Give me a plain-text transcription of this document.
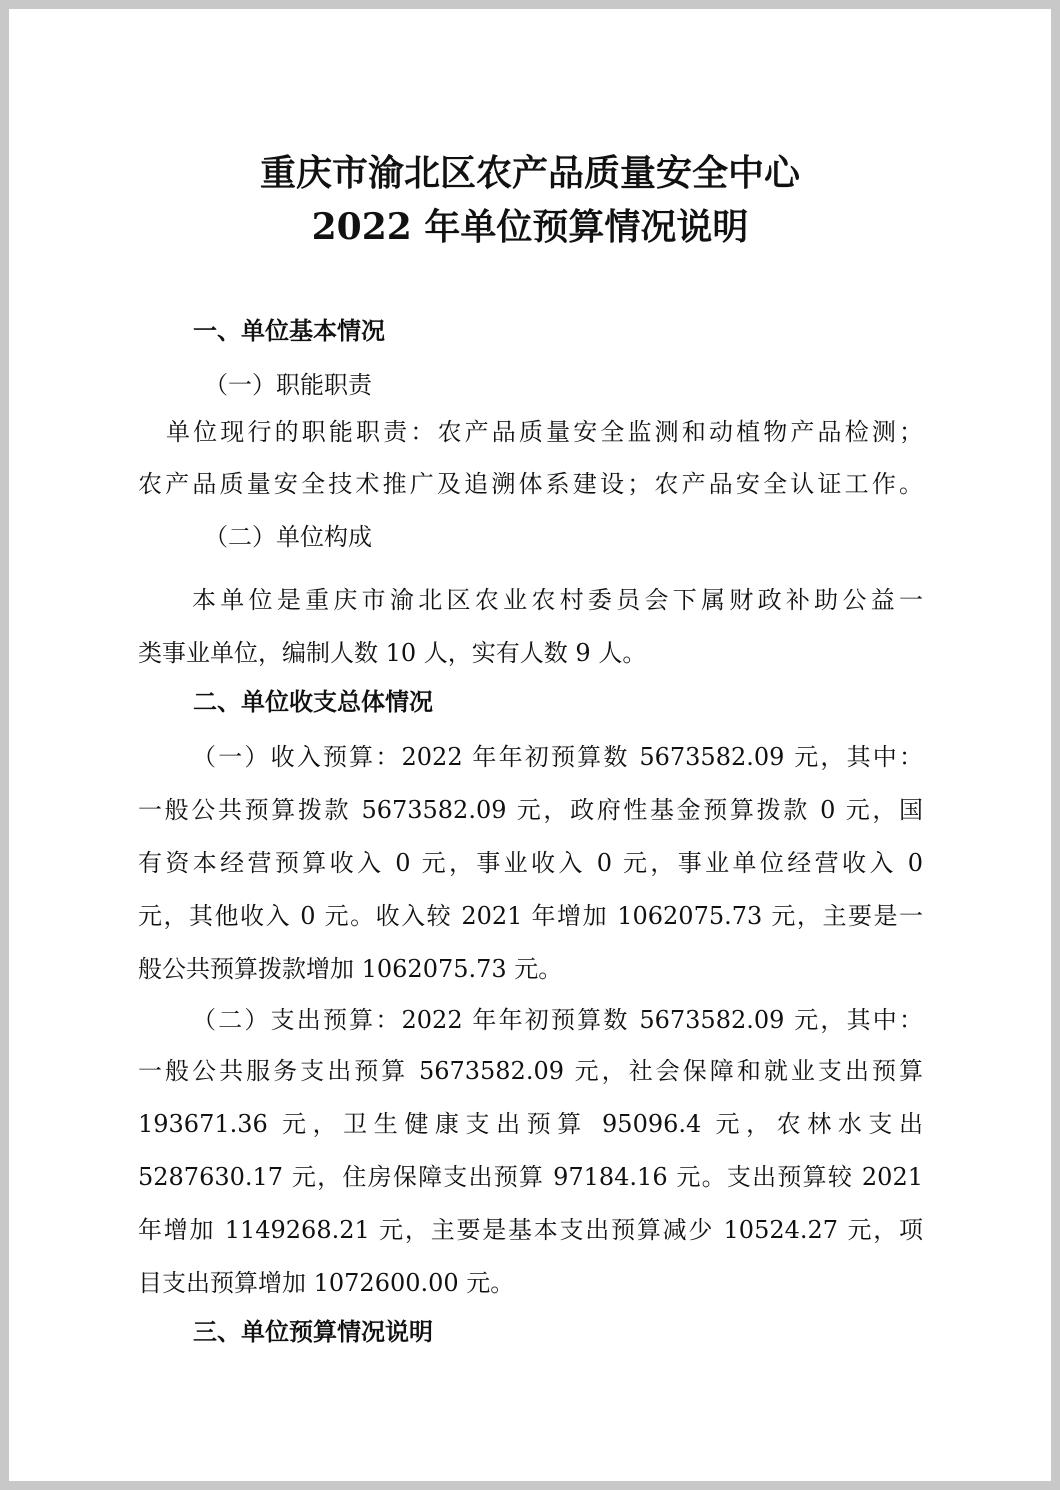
重庆市渝北区农产品质量安全中心
2022 年单位预算情况说明
一、单位基本情况
（一）职能职责
单位现行的职能职责：农产品质量安全监测和动植物产品检测；
农产品质量安全技术推广及追溯体系建设；农产品安全认证工作。
（二）单位构成
本单位是重庆市渝北区农业农村委员会下属财政补助公益一
类事业单位，编制人数 10 人，实有人数 9 人。
二、单位收支总体情况
（一）收入预算：2022 年年初预算数 5673582.09 元，其中：
一般公共预算拨款 5673582.09 元，政府性基金预算拨款 0 元，国
有资本经营预算收入 0 元，事业收入 0 元，事业单位经营收入 0
元，其他收入 0 元。收入较 2021 年增加 1062075.73 元，主要是一
般公共预算拨款增加 1062075.73 元。
（二）支出预算：2022 年年初预算数 5673582.09 元，其中：
一般公共服务支出预算 5673582.09 元，社会保障和就业支出预算
193671.36 元，卫生健康支出预算 95096.4 元，农林水支出
5287630.17 元，住房保障支出预算 97184.16 元。支出预算较 2021
年增加 1149268.21 元，主要是基本支出预算减少 10524.27 元，项
目支出预算增加 1072600.00 元。
三、单位预算情况说明
